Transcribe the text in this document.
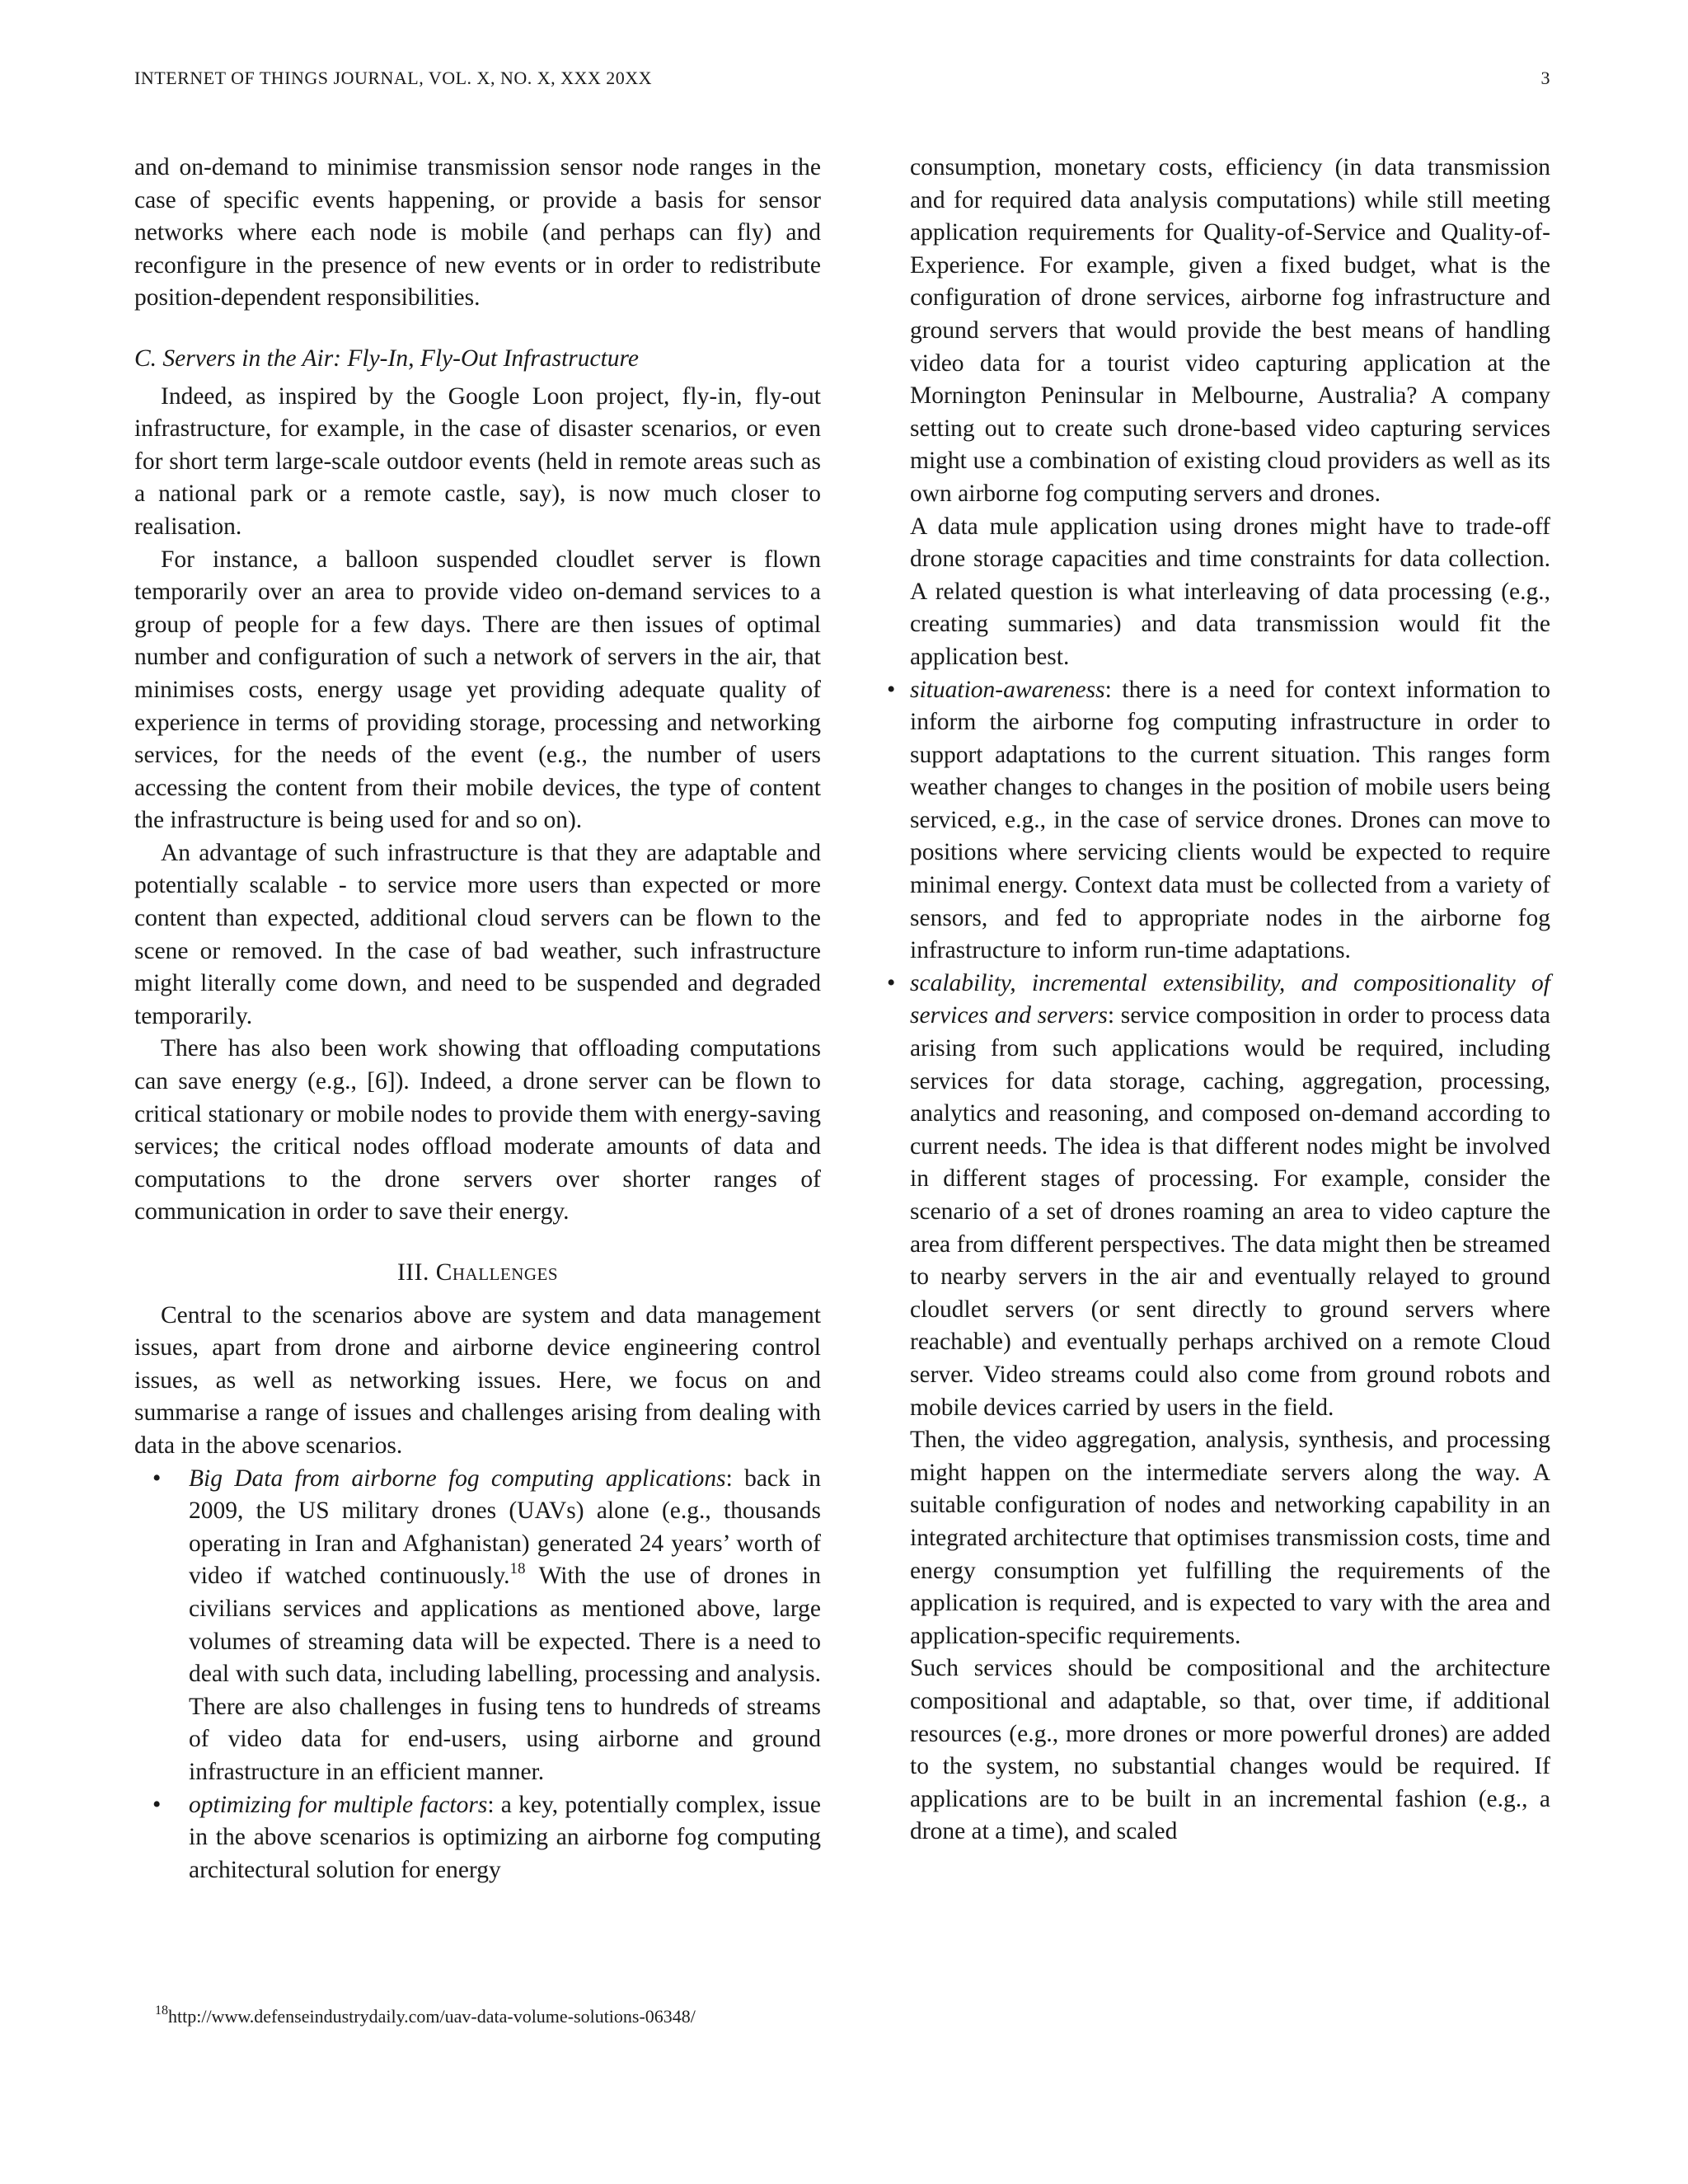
INTERNET OF THINGS JOURNAL, VOL. X, NO. X, XXX 20XX	3

and on-demand to minimise transmission sensor node ranges in the case of specific events happening, or provide a basis for sensor networks where each node is mobile (and perhaps can fly) and reconfigure in the presence of new events or in order to redistribute position-dependent responsibilities.

C. Servers in the Air: Fly-In, Fly-Out Infrastructure

Indeed, as inspired by the Google Loon project, fly-in, fly-out infrastructure, for example, in the case of disaster scenarios, or even for short term large-scale outdoor events (held in remote areas such as a national park or a remote castle, say), is now much closer to realisation.

For instance, a balloon suspended cloudlet server is flown temporarily over an area to provide video on-demand services to a group of people for a few days. There are then issues of optimal number and configuration of such a network of servers in the air, that minimises costs, energy usage yet providing adequate quality of experience in terms of providing storage, processing and networking services, for the needs of the event (e.g., the number of users accessing the content from their mobile devices, the type of content the infrastructure is being used for and so on).

An advantage of such infrastructure is that they are adaptable and potentially scalable - to service more users than expected or more content than expected, additional cloud servers can be flown to the scene or removed. In the case of bad weather, such infrastructure might literally come down, and need to be suspended and degraded temporarily.

There has also been work showing that offloading computations can save energy (e.g., [6]). Indeed, a drone server can be flown to critical stationary or mobile nodes to provide them with energy-saving services; the critical nodes offload moderate amounts of data and computations to the drone servers over shorter ranges of communication in order to save their energy.

III. Challenges

Central to the scenarios above are system and data management issues, apart from drone and airborne device engineering control issues, as well as networking issues. Here, we focus on and summarise a range of issues and challenges arising from dealing with data in the above scenarios.

• Big Data from airborne fog computing applications: back in 2009, the US military drones (UAVs) alone (e.g., thousands operating in Iran and Afghanistan) generated 24 years’ worth of video if watched continuously.$^{18}$ With the use of drones in civilians services and applications as mentioned above, large volumes of streaming data will be expected. There is a need to deal with such data, including labelling, processing and analysis. There are also challenges in fusing tens to hundreds of streams of video data for end-users, using airborne and ground infrastructure in an efficient manner.

• optimizing for multiple factors: a key, potentially complex, issue in the above scenarios is optimizing an airborne fog computing architectural solution for energy

$^{18}$http://www.defenseindustrydaily.com/uav-data-volume-solutions-06348/

consumption, monetary costs, efficiency (in data transmission and for required data analysis computations) while still meeting application requirements for Quality-of-Service and Quality-of-Experience. For example, given a fixed budget, what is the configuration of drone services, airborne fog infrastructure and ground servers that would provide the best means of handling video data for a tourist video capturing application at the Mornington Peninsular in Melbourne, Australia? A company setting out to create such drone-based video capturing services might use a combination of existing cloud providers as well as its own airborne fog computing servers and drones.

A data mule application using drones might have to trade-off drone storage capacities and time constraints for data collection. A related question is what interleaving of data processing (e.g., creating summaries) and data transmission would fit the application best.

• situation-awareness: there is a need for context information to inform the airborne fog computing infrastructure in order to support adaptations to the current situation. This ranges form weather changes to changes in the position of mobile users being serviced, e.g., in the case of service drones. Drones can move to positions where servicing clients would be expected to require minimal energy. Context data must be collected from a variety of sensors, and fed to appropriate nodes in the airborne fog infrastructure to inform run-time adaptations.

• scalability, incremental extensibility, and compositionality of services and servers: service composition in order to process data arising from such applications would be required, including services for data storage, caching, aggregation, processing, analytics and reasoning, and composed on-demand according to current needs. The idea is that different nodes might be involved in different stages of processing. For example, consider the scenario of a set of drones roaming an area to video capture the area from different perspectives. The data might then be streamed to nearby servers in the air and eventually relayed to ground cloudlet servers (or sent directly to ground servers where reachable) and eventually perhaps archived on a remote Cloud server. Video streams could also come from ground robots and mobile devices carried by users in the field.

Then, the video aggregation, analysis, synthesis, and processing might happen on the intermediate servers along the way. A suitable configuration of nodes and networking capability in an integrated architecture that optimises transmission costs, time and energy consumption yet fulfilling the requirements of the application is required, and is expected to vary with the area and application-specific requirements.

Such services should be compositional and the architecture compositional and adaptable, so that, over time, if additional resources (e.g., more drones or more powerful drones) are added to the system, no substantial changes would be required. If applications are to be built in an incremental fashion (e.g., a drone at a time), and scaled
